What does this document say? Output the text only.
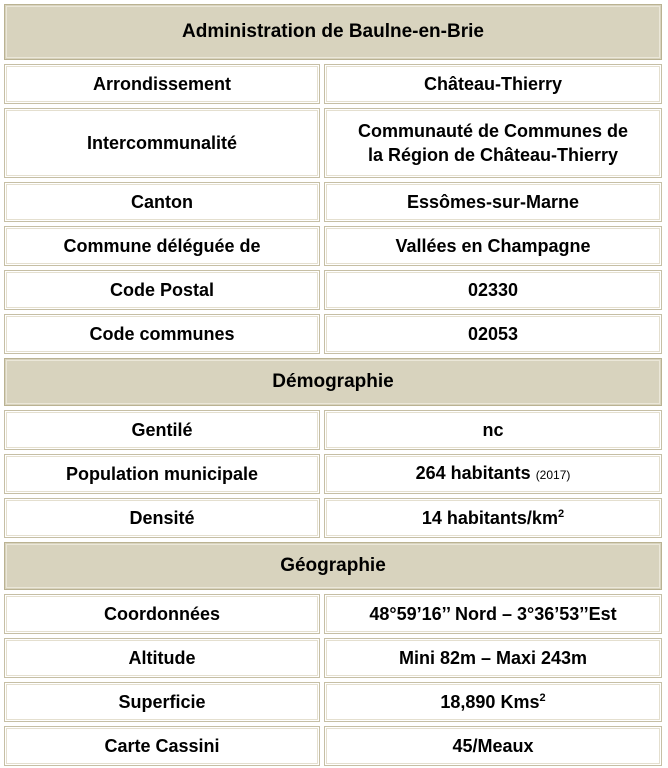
Administration de Baulne-en-Brie	

Arrondissement	Château-Thierry

Intercommunalité	Communauté de Communes de
la Région de Château-Thierry

Canton	Essômes-sur-Marne

Commune déléguée de	Vallées en Champagne

Code Postal	02330

Code communes	02053

Démographie	

Gentilé	nc

Population municipale	264 habitants (2017)

Densité	14 habitants/$km^2$

Géographie	

Coordonnées	48°59’16’’ Nord – 3°36’53’’Est

Altitude	Mini 82m – Maxi 243m

Superficie	18,890 Kms$^2$

Carte Cassini	45/Meaux
